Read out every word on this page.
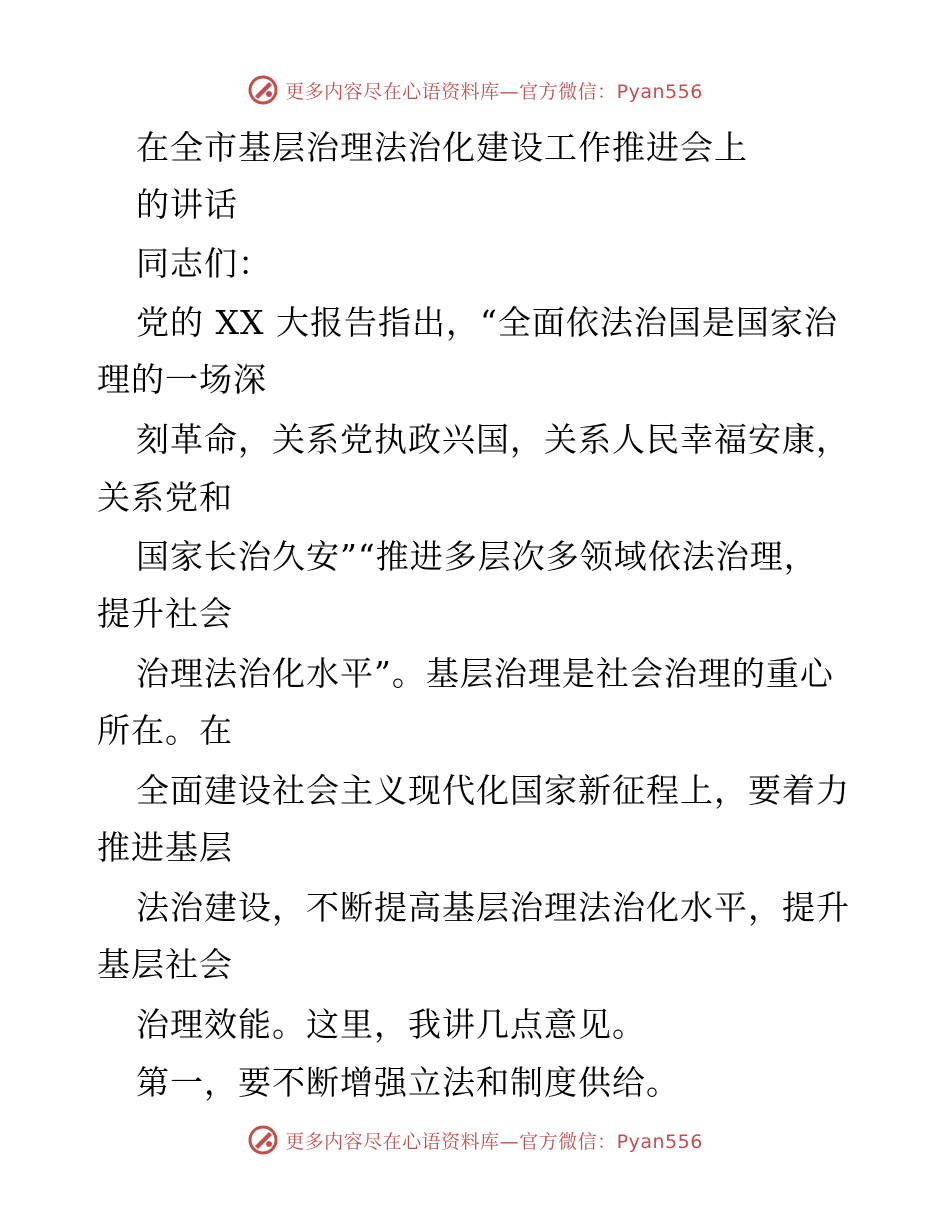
更多内容尽在心语资料库—官方微信：Pyan556
在全市基层治理法治化建设工作推进会上
的讲话
同志们：
党的 XX 大报告指出，“全面依法治国是国家治
理的一场深
刻革命，关系党执政兴国，关系人民幸福安康，
关系党和
国家长治久安”“推进多层次多领域依法治理，
提升社会
治理法治化水平”。基层治理是社会治理的重心
所在。在
全面建设社会主义现代化国家新征程上，要着力
推进基层
法治建设，不断提高基层治理法治化水平，提升
基层社会
治理效能。这里，我讲几点意见。
第一，要不断增强立法和制度供给。
更多内容尽在心语资料库—官方微信：Pyan556
